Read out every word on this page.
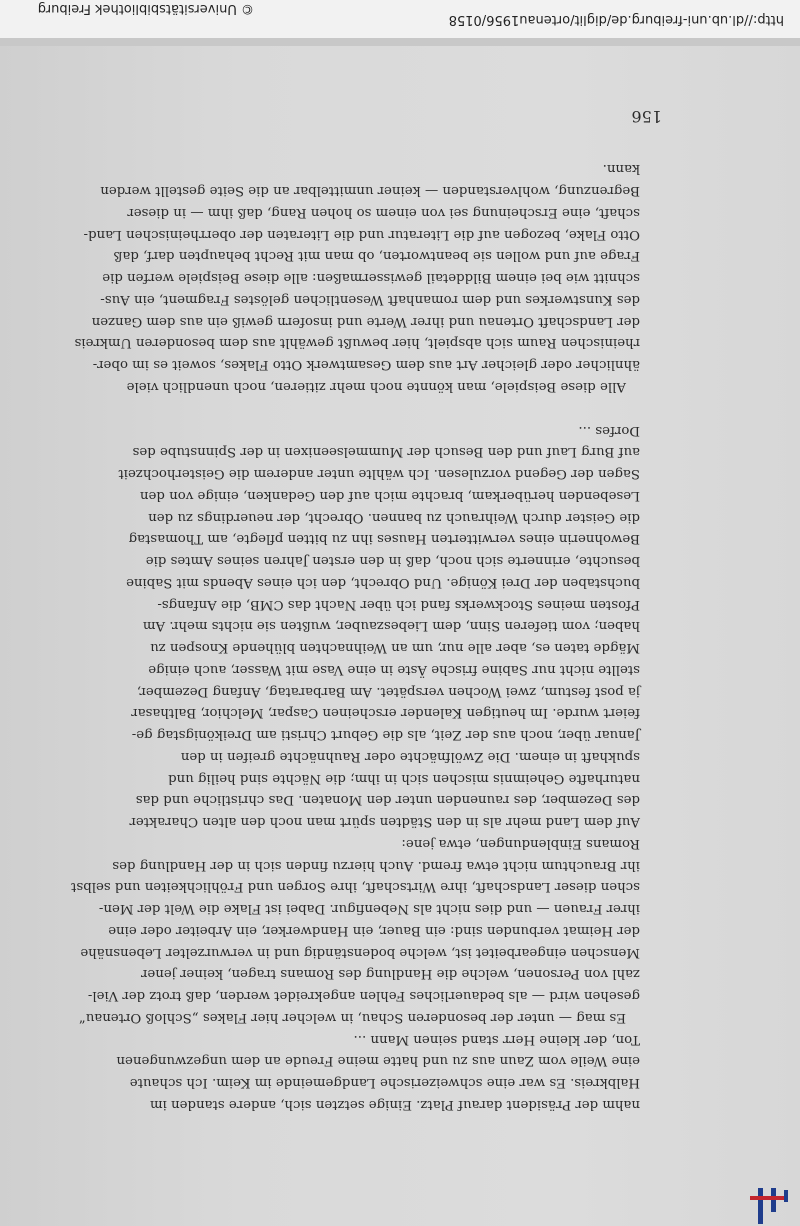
nahm der Präsident darauf Platz. Einige setzten sich, andere standen im
Halbkreis. Es war eine schweizerische Landgemeinde im Keim. Ich schaute
eine Weile vom Zaun aus zu und hatte meine Freude an dem ungezwungenen
Ton, der kleine Herr stand seinen Mann ...
Es mag — unter der besonderen Schau, in welcher hier Flakes „Schloß Ortenau“
gesehen wird — als bedauerliches Fehlen angekreidet werden, daß trotz der Viel-
zahl von Personen, welche die Handlung des Romans tragen, keiner jener
Menschen eingearbeitet ist, welche bodenständig und in verwurzelter Lebensnähe
der Heimat verbunden sind: ein Bauer, ein Handwerker, ein Arbeiter oder eine
ihrer Frauen — und dies nicht als Nebenfigur. Dabei ist Flake die Welt der Men-
schen dieser Landschaft, ihre Wirtschaft, ihre Sorgen und Fröhlichkeiten und selbst
ihr Brauchtum nicht etwa fremd. Auch hierzu finden sich in der Handlung des
Romans Einblendungen, etwa jene:
Auf dem Land mehr als in den Städten spürt man noch den alten Charakter
des Dezember, des raunenden unter den Monaten. Das christliche und das
naturhafte Geheimnis mischen sich in ihm; die Nächte sind heilig und
spukhaft in einem. Die Zwölfnächte oder Rauhnächte greifen in den
Januar über, noch aus der Zeit, als die Geburt Christi am Dreikönigstag ge-
feiert wurde. Im heutigen Kalender erscheinen Caspar, Melchior, Balthasar
ja post festum, zwei Wochen verspätet. Am Barbaratag, Anfang Dezember,
stellte nicht nur Sabine frische Äste in eine Vase mit Wasser, auch einige
Mägde taten es, aber alle nur, um an Weihnachten blühende Knospen zu
haben; vom tieferen Sinn, dem Liebeszauber, wußten sie nichts mehr. Am
Pfosten meines Stockwerks fand ich über Nacht das CMB, die Anfangs-
buchstaben der Drei Könige. Und Obrecht, den ich eines Abends mit Sabine
besuchte, erinnerte sich noch, daß in den ersten Jahren seines Amtes die
Bewohnerin eines verwitterten Hauses ihn zu bitten pflegte, am Thomastag
die Geister durch Weihrauch zu bannen. Obrecht, der neuerdings zu den
Lesebenden herüberkam, brachte mich auf den Gedanken, einige von den
Sagen der Gegend vorzulesen. Ich wählte unter anderem die Geisterhochzeit
auf Burg Lauf und den Besuch der Mummelseenixen in der Spinnstube des
Dorfes ...
Alle diese Beispiele, man könnte noch mehr zitieren, noch unendlich viele
ähnlicher oder gleicher Art aus dem Gesamtwerk Otto Flakes, soweit es im ober-
rheinischen Raum sich abspielt, hier bewußt gewählt aus dem besonderen Umkreis
der Landschaft Ortenau und ihrer Werte und insofern gewiß ein aus dem Ganzen
des Kunstwerkes und dem romanhaft Wesentlichen gelöstes Fragment, ein Aus-
schnitt wie bei einem Bilddetail gewissermaßen: alle diese Beispiele werfen die
Frage auf und wollen sie beantworten, ob man mit Recht behaupten darf, daß
Otto Flake, bezogen auf die Literatur und die Literaten der oberrheinischen Land-
schaft, eine Erscheinung sei von einem so hohen Rang, daß ihm — in dieser
Begrenzung, wohlverstanden — keiner unmittelbar an die Seite gestellt werden
kann.
156
http://dl.ub.uni-freiburg.de/diglit/ortenau1956/0158
© Universitätsbibliothek Freiburg
